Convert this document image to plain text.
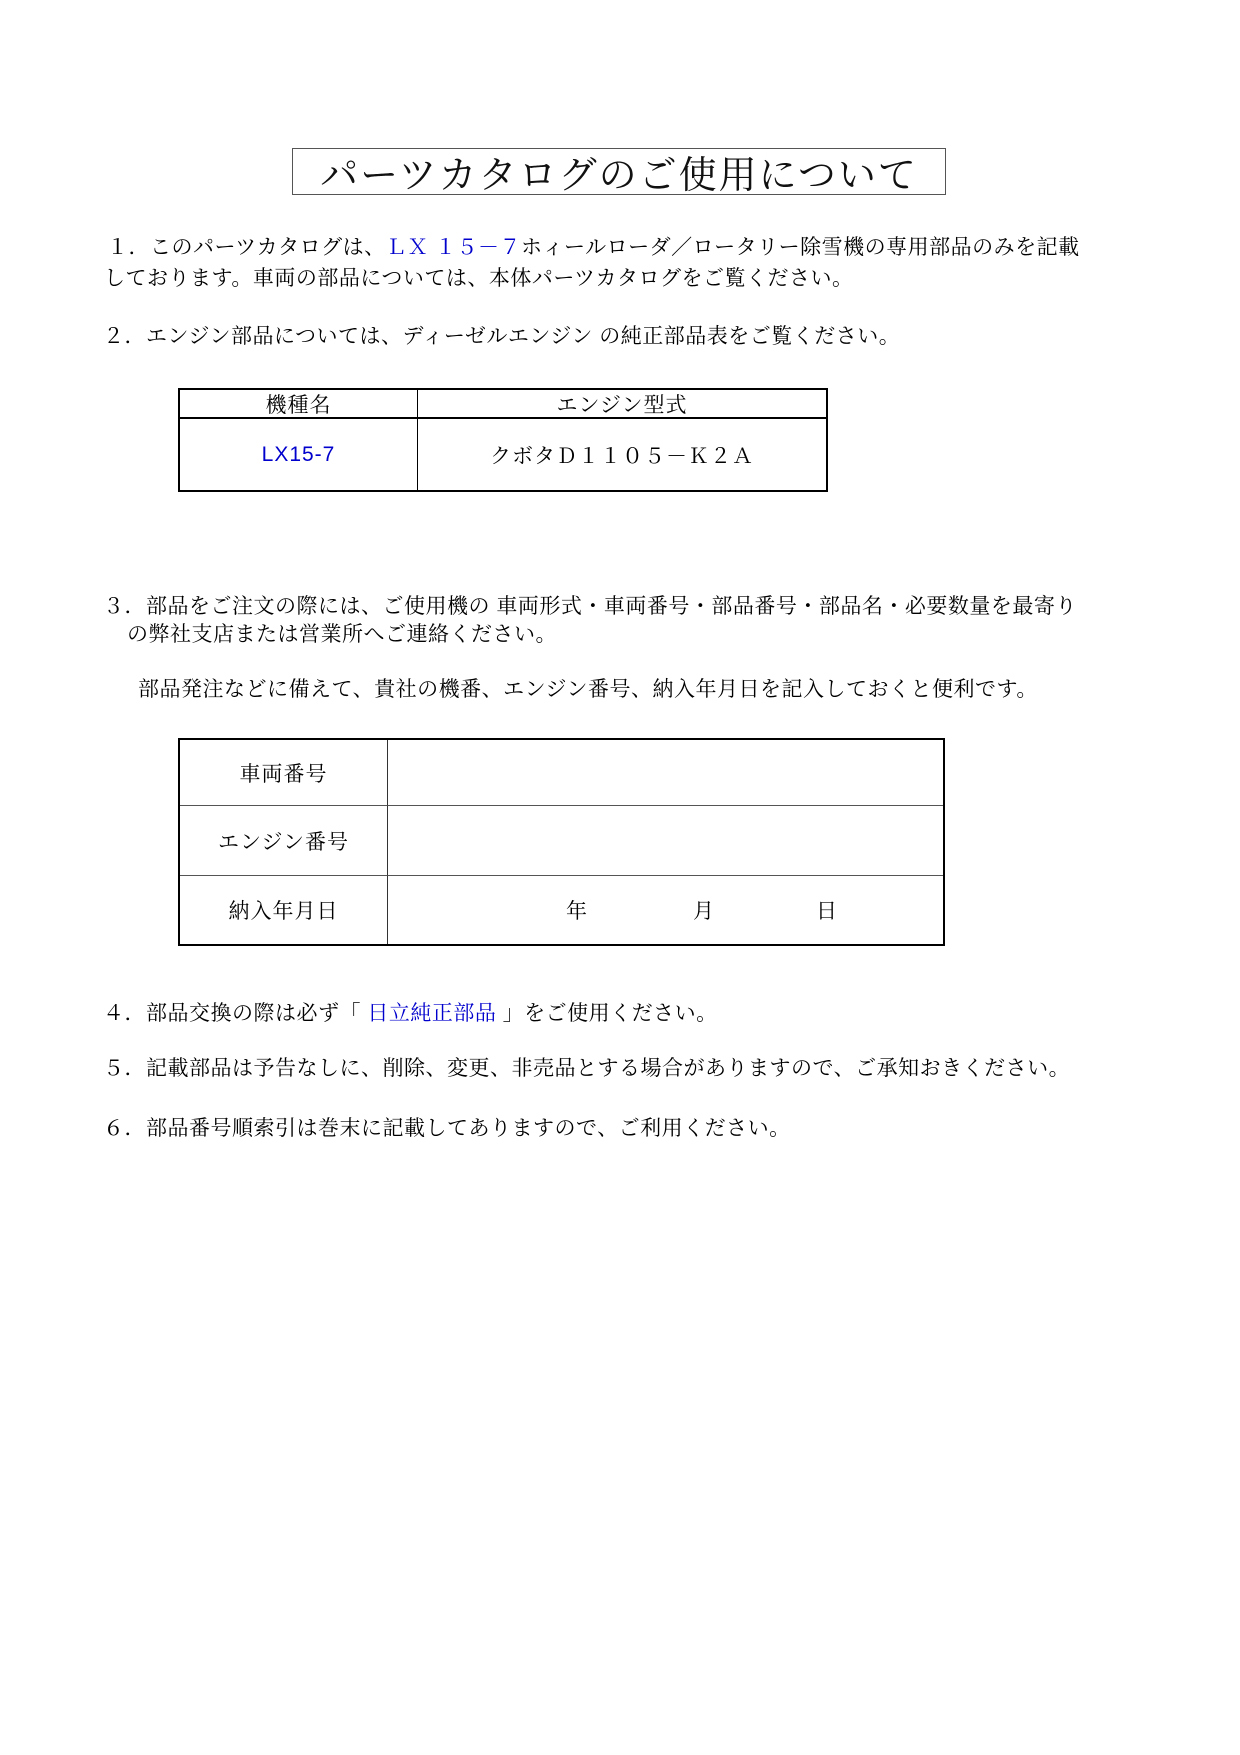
パーツカタログのご使用について
１．このパーツカタログは、ＬＸ １５－７ホィールローダ／ロータリー除雪機の専用部品のみを記載
しております。車両の部品については、本体パーツカタログをご覧ください。
２．エンジン部品については、ディーゼルエンジン の純正部品表をご覧ください。
機種名	エンジン型式
LX15-7	クボタＤ１１０５－Ｋ２Ａ
３．部品をご注文の際には、ご使用機の 車両形式・車両番号・部品番号・部品名・必要数量を最寄り
の弊社支店または営業所へご連絡ください。
部品発注などに備えて、貴社の機番、エンジン番号、納入年月日を記入しておくと便利です。
車両番号
エンジン番号
納入年月日	年	月	日
４．部品交換の際は必ず「 日立純正部品 」をご使用ください。
５．記載部品は予告なしに、削除、変更、非売品とする場合がありますので、ご承知おきください。
６．部品番号順索引は巻末に記載してありますので、ご利用ください。
